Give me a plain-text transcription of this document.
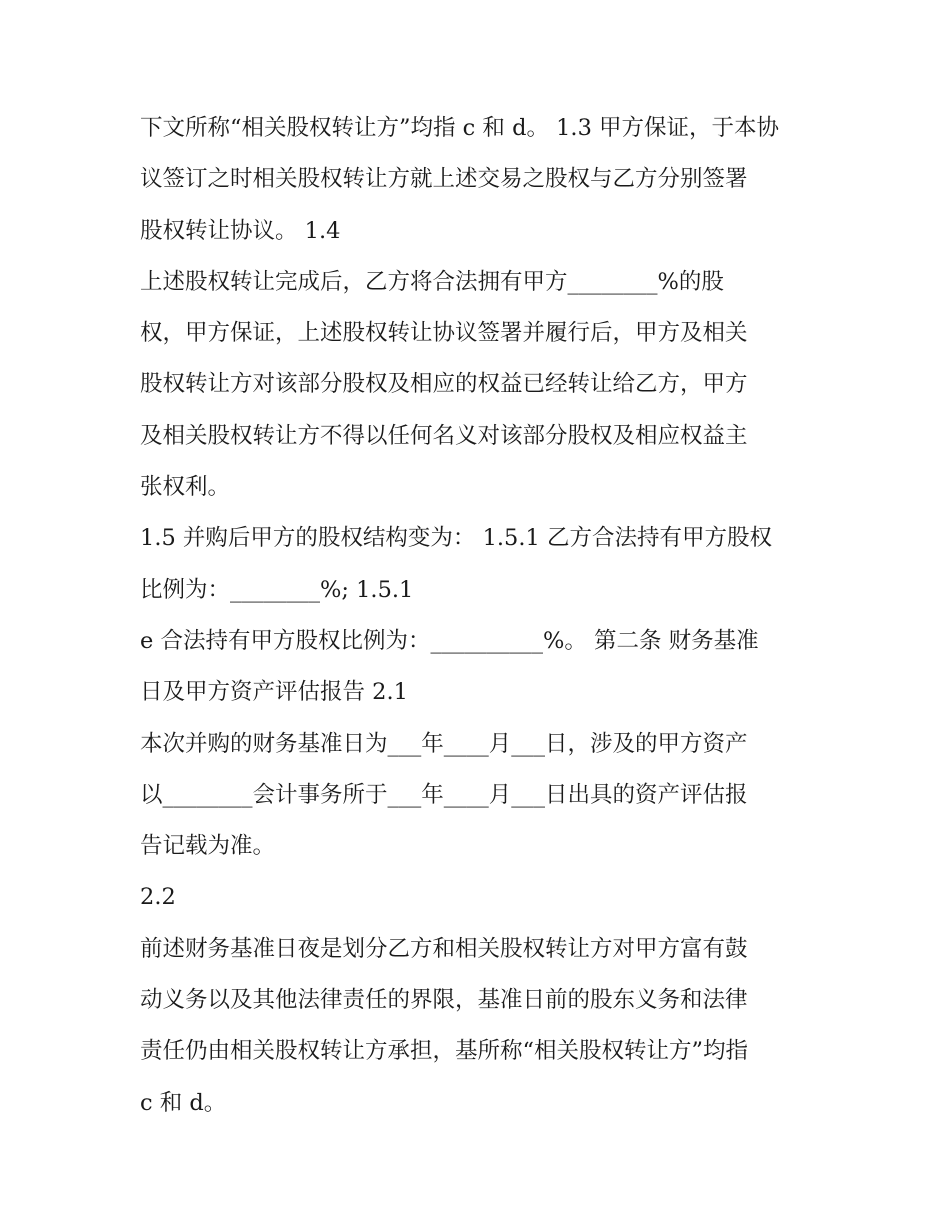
下文所称“相关股权转让方”均指 c 和 d。 1.3 甲方保证，于本协
议签订之时相关股权转让方就上述交易之股权与乙方分别签署
股权转让协议。 1.4
上述股权转让完成后，乙方将合法拥有甲方________%的股
权，甲方保证，上述股权转让协议签署并履行后，甲方及相关
股权转让方对该部分股权及相应的权益已经转让给乙方，甲方
及相关股权转让方不得以任何名义对该部分股权及相应权益主
张权利。
1.5 并购后甲方的股权结构变为： 1.5.1 乙方合法持有甲方股权
比例为：________%; 1.5.1
e 合法持有甲方股权比例为：__________%。 第二条 财务基准
日及甲方资产评估报告 2.1
本次并购的财务基准日为___年____月___日，涉及的甲方资产
以________会计事务所于___年____月___日出具的资产评估报
告记载为准。
2.2
前述财务基准日夜是划分乙方和相关股权转让方对甲方富有鼓
动义务以及其他法律责任的界限，基准日前的股东义务和法律
责任仍由相关股权转让方承担，基所称“相关股权转让方”均指
c 和 d。
